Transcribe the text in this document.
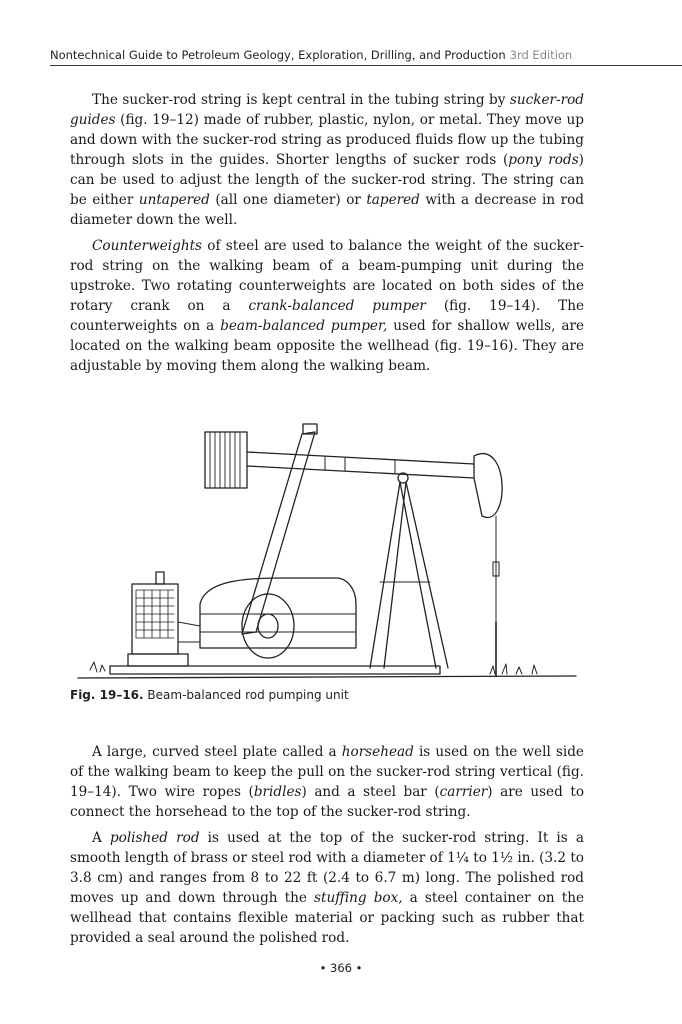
Nontechnical Guide to Petroleum Geology, Exploration, Drilling, and Production 3rd Edition

The sucker-rod string is kept central in the tubing string by sucker-rod guides (fig. 19–12) made of rubber, plastic, nylon, or metal. They move up and down with the sucker-rod string as produced fluids flow up the tubing through slots in the guides. Shorter lengths of sucker rods (pony rods) can be used to adjust the length of the sucker-rod string. The string can be either untapered (all one diameter) or tapered with a decrease in rod diameter down the well.

Counterweights of steel are used to balance the weight of the sucker-rod string on the walking beam of a beam-pumping unit during the upstroke. Two rotating counterweights are located on both sides of the rotary crank on a crank-balanced pumper (fig. 19–14). The counterweights on a beam-balanced pumper, used for shallow wells, are located on the walking beam opposite the wellhead (fig. 19–16). They are adjustable by moving them along the walking beam.

Fig. 19–16. Beam-balanced rod pumping unit

A large, curved steel plate called a horsehead is used on the well side of the walking beam to keep the pull on the sucker-rod string vertical (fig. 19–14). Two wire ropes (bridles) and a steel bar (carrier) are used to connect the horsehead to the top of the sucker-rod string.

A polished rod is used at the top of the sucker-rod string. It is a smooth length of brass or steel rod with a diameter of 1¼ to 1½ in. (3.2 to 3.8 cm) and ranges from 8 to 22 ft (2.4 to 6.7 m) long. The polished rod moves up and down through the stuffing box, a steel container on the wellhead that contains flexible material or packing such as rubber that provided a seal around the polished rod.

• 366 •
